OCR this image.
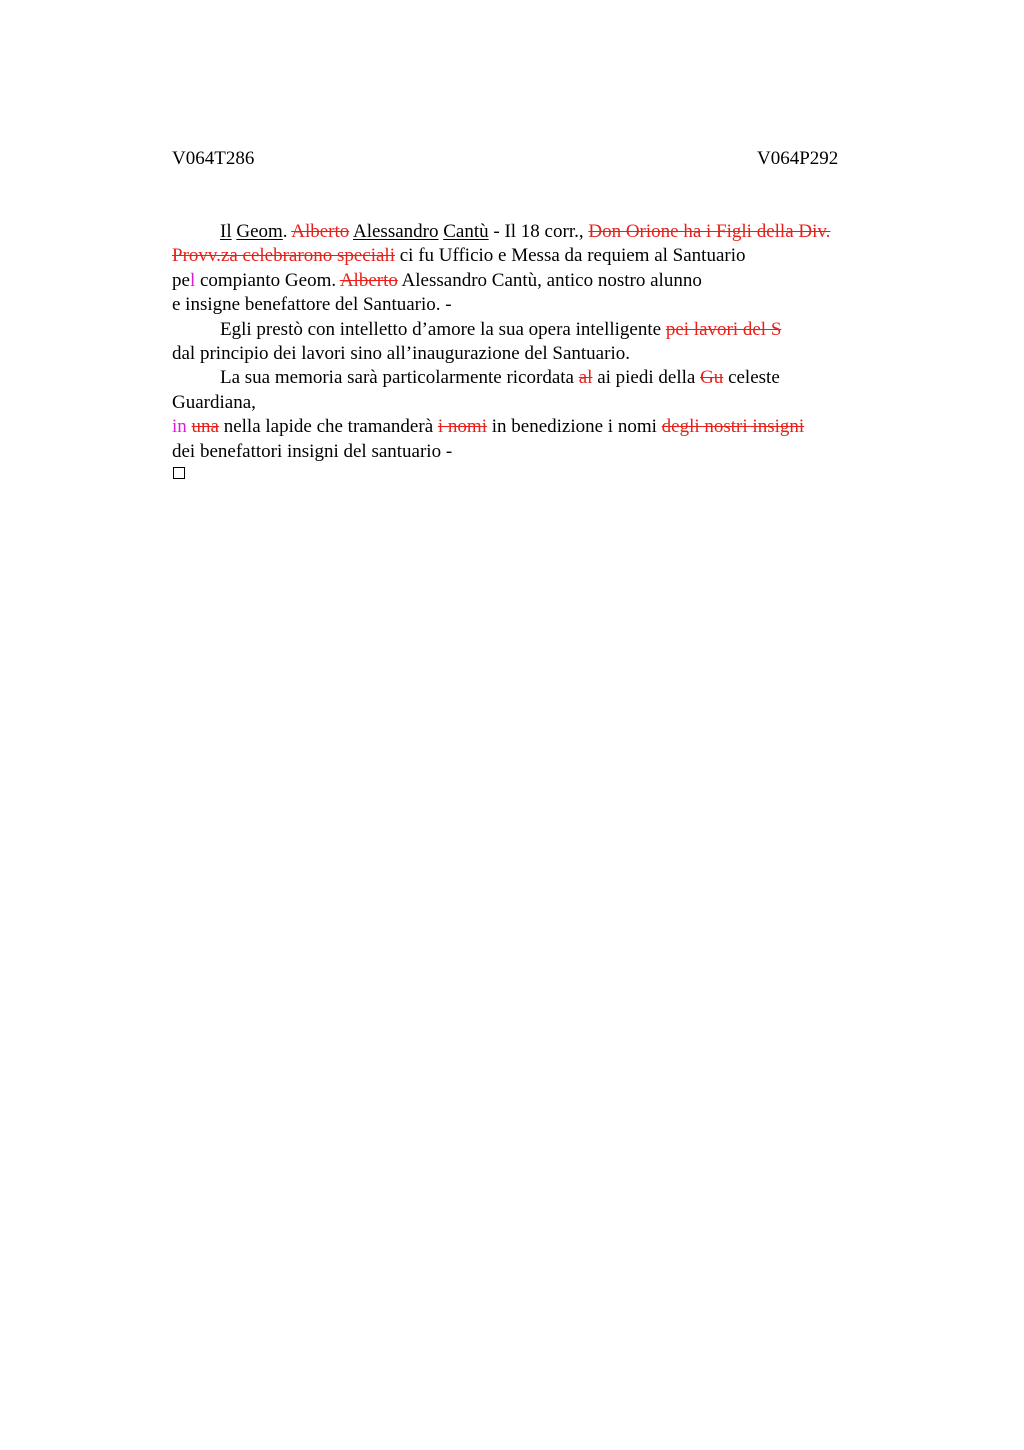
V064T286	V064P292
Il Geom. Alberto Alessandro Cantù - Il 18 corr., Don Orione ha i Figli della Div.
Provv.za celebrarono speciali ci fu Ufficio e Messa da requiem al Santuario
pel compianto Geom. Alberto Alessandro Cantù, antico nostro alunno
e insigne benefattore del Santuario. -
Egli prestò con intelletto d’amore la sua opera intelligente pei lavori del S
dal principio dei lavori sino all’inaugurazione del Santuario.
La sua memoria sarà particolarmente ricordata al ai piedi della Gu celeste
Guardiana,
in una nella lapide che tramanderà i nomi in benedizione i nomi degli nostri insigni
dei benefattori insigni del santuario -
